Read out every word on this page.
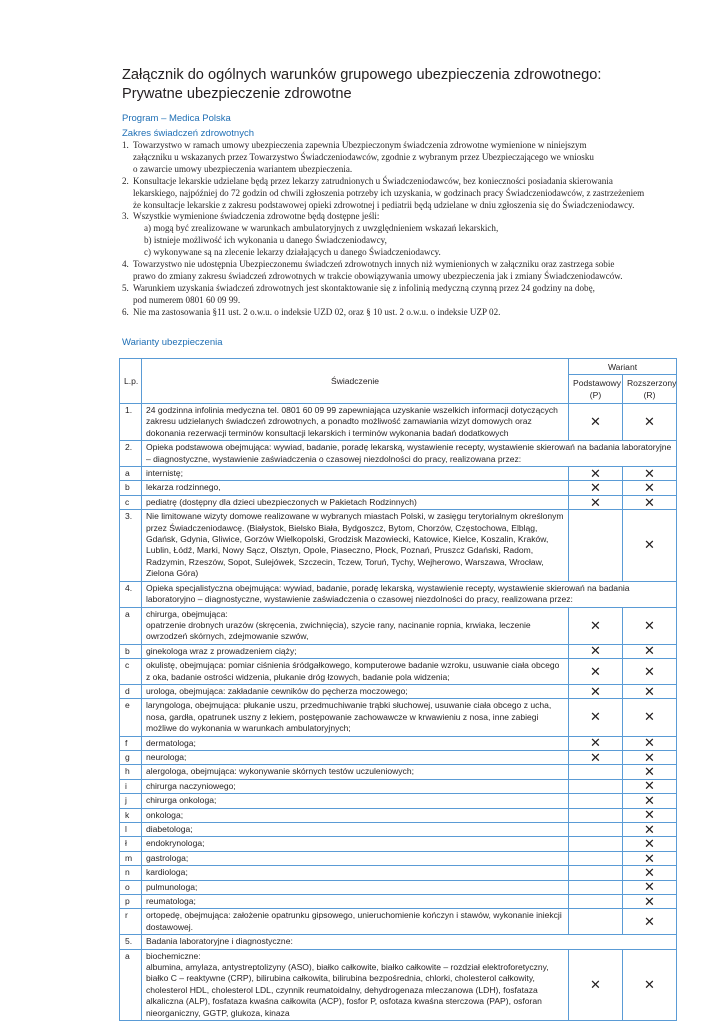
Załącznik do ogólnych warunków grupowego ubezpieczenia zdrowotnego:
Prywatne ubezpieczenie zdrowotne

Program – Medica Polska

Zakres świadczeń zdrowotnych

1. Towarzystwo w ramach umowy ubezpieczenia zapewnia Ubezpieczonym świadczenia zdrowotne wymienione w niniejszym
załączniku u wskazanych przez Towarzystwo Świadczeniodawców, zgodnie z wybranym przez Ubezpieczającego we wniosku
o zawarcie umowy ubezpieczenia wariantem ubezpieczenia.
2. Konsultacje lekarskie udzielane będą przez lekarzy zatrudnionych u Świadczeniodawców, bez konieczności posiadania skierowania
lekarskiego, najpóźniej do 72 godzin od chwili zgłoszenia potrzeby ich uzyskania, w godzinach pracy Świadczeniodawców, z zastrzeżeniem
że konsultacje lekarskie z zakresu podstawowej opieki zdrowotnej i pediatrii będą udzielane w dniu zgłoszenia się do Świadczeniodawcy.
3. Wszystkie wymienione świadczenia zdrowotne będą dostępne jeśli:
a) mogą być zrealizowane w warunkach ambulatoryjnych z uwzględnieniem wskazań lekarskich,
b) istnieje możliwość ich wykonania u danego Świadczeniodawcy,
c) wykonywane są na zlecenie lekarzy działających u danego Świadczeniodawcy.
4. Towarzystwo nie udostępnia Ubezpieczonemu świadczeń zdrowotnych innych niż wymienionych w załączniku oraz zastrzega sobie
prawo do zmiany zakresu świadczeń zdrowotnych w trakcie obowiązywania umowy ubezpieczenia jak i zmiany Świadczeniodawców.
5. Warunkiem uzyskania świadczeń zdrowotnych jest skontaktowanie się z infolinią medyczną czynną przez 24 godziny na dobę,
pod numerem 0801 60 09 99.
6. Nie ma zastosowania §11 ust. 2 o.w.u. o indeksie UZD 02, oraz § 10 ust. 2 o.w.u. o indeksie UZP 02.

Warianty ubezpieczenia

L.p.	Świadczenie	Wariant	
		Podstawowy (P)	Rozszerzony (R)
1.	24 godzinna infolinia medyczna tel. 0801 60 09 99 zapewniająca uzyskanie wszelkich informacji dotyczących zakresu udzielanych świadczeń zdrowotnych, a ponadto możliwość zamawiania wizyt domowych oraz dokonania rezerwacji terminów konsultacji lekarskich i terminów wykonania badań dodatkowych	✕	✕
2.	Opieka podstawowa obejmująca: wywiad, badanie, poradę lekarską, wystawienie recepty, wystawienie skierowań na badania laboratoryjne – diagnostyczne, wystawienie zaświadczenia o czasowej niezdolności do pracy, realizowana przez:		
a	internistę;	✕	✕
b	lekarza rodzinnego,	✕	✕
c	pediatrę (dostępny dla dzieci ubezpieczonych w Pakietach Rodzinnych)	✕	✕
3.	Nie limitowane wizyty domowe realizowane w wybranych miastach Polski, w zasięgu terytorialnym określonym przez Świadczeniodawcę. (Białystok, Bielsko Biała, Bydgoszcz, Bytom, Chorzów, Częstochowa, Elbląg, Gdańsk, Gdynia, Gliwice, Gorzów Wielkopolski, Grodzisk Mazowiecki, Katowice, Kielce, Koszalin, Kraków, Lublin, Łódź, Marki, Nowy Sącz, Olsztyn, Opole, Piaseczno, Płock, Poznań, Pruszcz Gdański, Radom, Radzymin, Rzeszów, Sopot, Sulejówek, Szczecin, Tczew, Toruń, Tychy, Wejherowo, Warszawa, Wrocław, Zielona Góra)		✕
4.	Opieka specjalistyczna obejmująca: wywiad, badanie, poradę lekarską, wystawienie recepty, wystawienie skierowań na badania laboratoryjno – diagnostyczne, wystawienie zaświadczenia o czasowej niezdolności do pracy, realizowana przez:		
a	chirurga, obejmująca:
opatrzenie drobnych urazów (skręcenia, zwichnięcia), szycie rany, nacinanie ropnia, krwiaka, leczenie owrzodzeń skórnych, zdejmowanie szwów,	✕	✕
b	ginekologa wraz z prowadzeniem ciąży;	✕	✕
c	okulistę, obejmująca: pomiar ciśnienia śródgałkowego, komputerowe badanie wzroku, usuwanie ciała obcego z oka, badanie ostrości widzenia, płukanie dróg łzowych, badanie pola widzenia;	✕	✕
d	urologa, obejmująca: zakładanie cewników do pęcherza moczowego;	✕	✕
e	laryngologa, obejmująca: płukanie uszu, przedmuchiwanie trąbki słuchowej, usuwanie ciała obcego z ucha, nosa, gardła, opatrunek uszny z lekiem, postępowanie zachowawcze w krwawieniu z nosa, inne zabiegi możliwe do wykonania w warunkach ambulatoryjnych;	✕	✕
f	dermatologa;	✕	✕
g	neurologa;	✕	✕
h	alergologa, obejmująca: wykonywanie skórnych testów uczuleniowych;		✕
i	chirurga naczyniowego;		✕
j	chirurga onkologa;		✕
k	onkologa;		✕
l	diabetologa;		✕
ł	endokrynologa;		✕
m	gastrologa;		✕
n	kardiologa;		✕
o	pulmunologa;		✕
p	reumatologa;		✕
r	ortopedę, obejmująca: założenie opatrunku gipsowego, unieruchomienie kończyn i stawów, wykonanie iniekcji dostawowej.		✕
5.	Badania laboratoryjne i diagnostyczne:		
a	biochemiczne:
albumina, amylaza, antystreptolizyny (ASO), białko całkowite, białko całkowite – rozdział elektroforetyczny, białko C – reaktywne (CRP), bilirubina całkowita, bilirubina bezpośrednia, chlorki, cholesterol całkowity, cholesterol HDL, cholesterol LDL, czynnik reumatoidalny, dehydrogenaza mleczanowa (LDH), fosfataza alkaliczna (ALP), fosfataza kwaśna całkowita (ACP), fosfor P, osfotaza kwaśna sterczowa (PAP), osforan nieorganiczny, GGTP, glukoza, kinaza	✕	✕
